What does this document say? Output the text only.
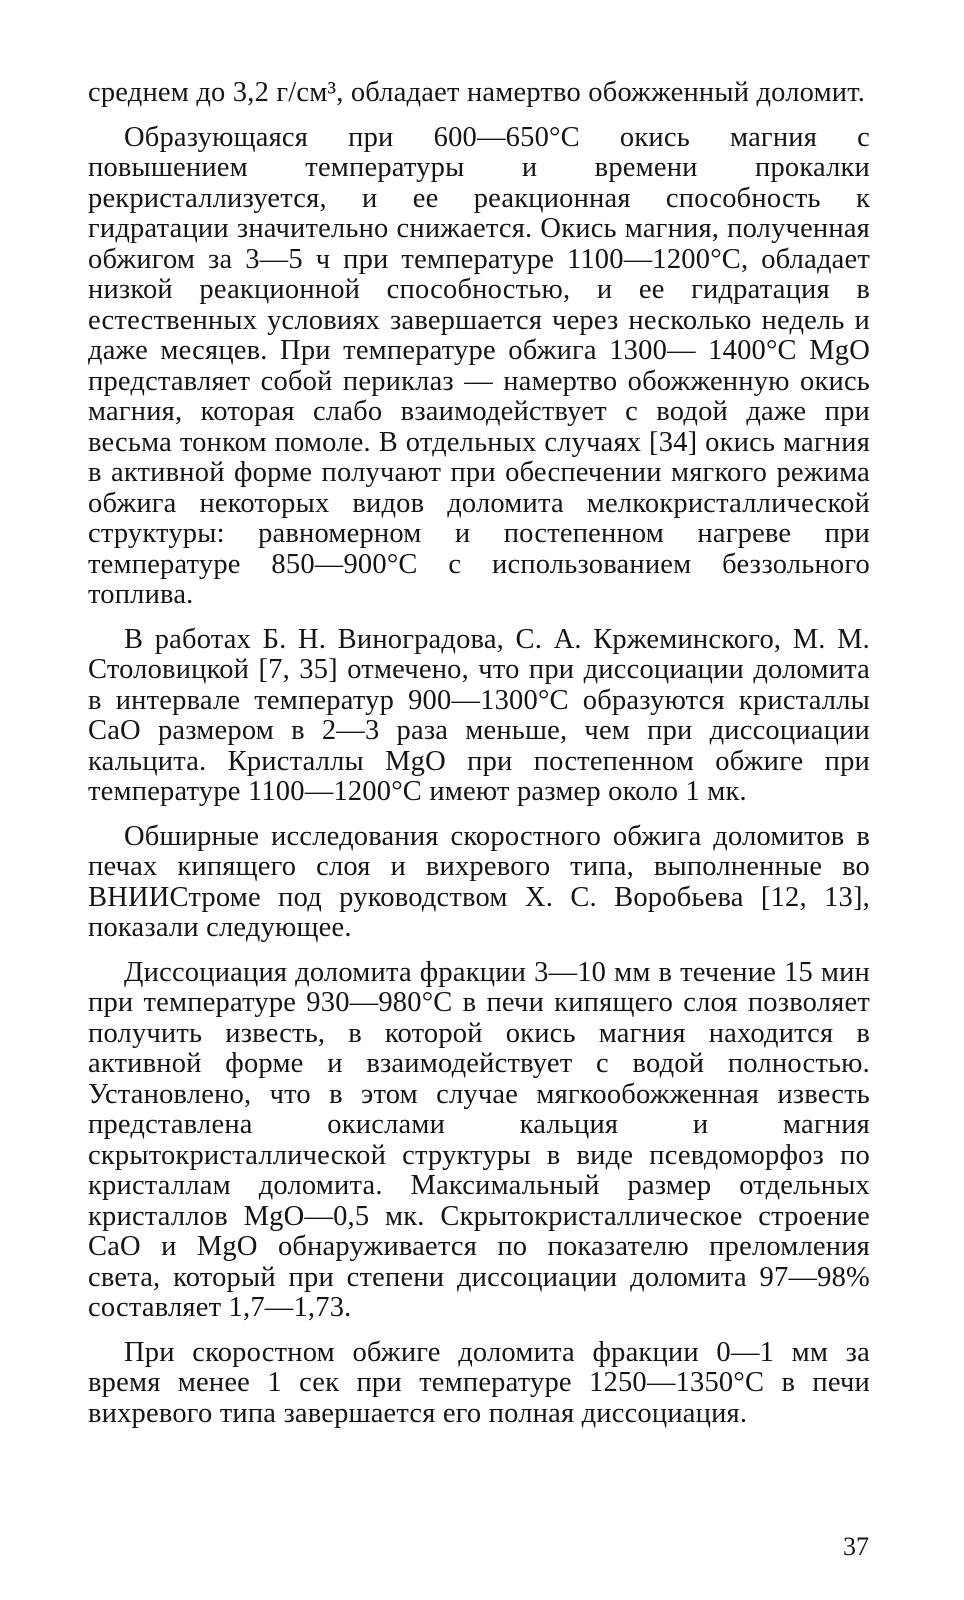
среднем до 3,2 г/см³, обладает намертво обожженный доломит.

Образующаяся при 600—650°С окись магния с повышением температуры и времени прокалки рекристаллизуется, и ее реакционная способность к гидратации значительно снижается. Окись магния, полученная обжигом за 3—5 ч при температуре 1100—1200°С, обладает низкой реакционной способностью, и ее гидратация в естественных условиях завершается через несколько недель и даже месяцев. При температуре обжига 1300— 1400°С MgO представляет собой периклаз — намертво обожженную окись магния, которая слабо взаимодействует с водой даже при весьма тонком помоле. В отдельных случаях [34] окись магния в активной форме получают при обеспечении мягкого режима обжига некоторых видов доломита мелкокристаллической структуры: равномерном и постепенном нагреве при температуре 850—900°С с использованием беззольного топлива.

В работах Б. Н. Виноградова, С. А. Кржеминского, М. М. Столовицкой [7, 35] отмечено, что при диссоциации доломита в интервале температур 900—1300°С образуются кристаллы CaO размером в 2—3 раза меньше, чем при диссоциации кальцита. Кристаллы MgO при постепенном обжиге при температуре 1100—1200°С имеют размер около 1 мк.

Обширные исследования скоростного обжига доломитов в печах кипящего слоя и вихревого типа, выполненные во ВНИИСтроме под руководством Х. С. Воробьева [12, 13], показали следующее.

Диссоциация доломита фракции 3—10 мм в течение 15 мин при температуре 930—980°С в печи кипящего слоя позволяет получить известь, в которой окись магния находится в активной форме и взаимодействует с водой полностью. Установлено, что в этом случае мягкообожженная известь представлена окислами кальция и магния скрытокристаллической структуры в виде псевдоморфоз по кристаллам доломита. Максимальный размер отдельных кристаллов MgO—0,5 мк. Скрытокристаллическое строение CaO и MgO обнаруживается по показателю преломления света, который при степени диссоциации доломита 97—98% составляет 1,7—1,73.

При скоростном обжиге доломита фракции 0—1 мм за время менее 1 сек при температуре 1250—1350°С в печи вихревого типа завершается его полная диссоциация.

37
